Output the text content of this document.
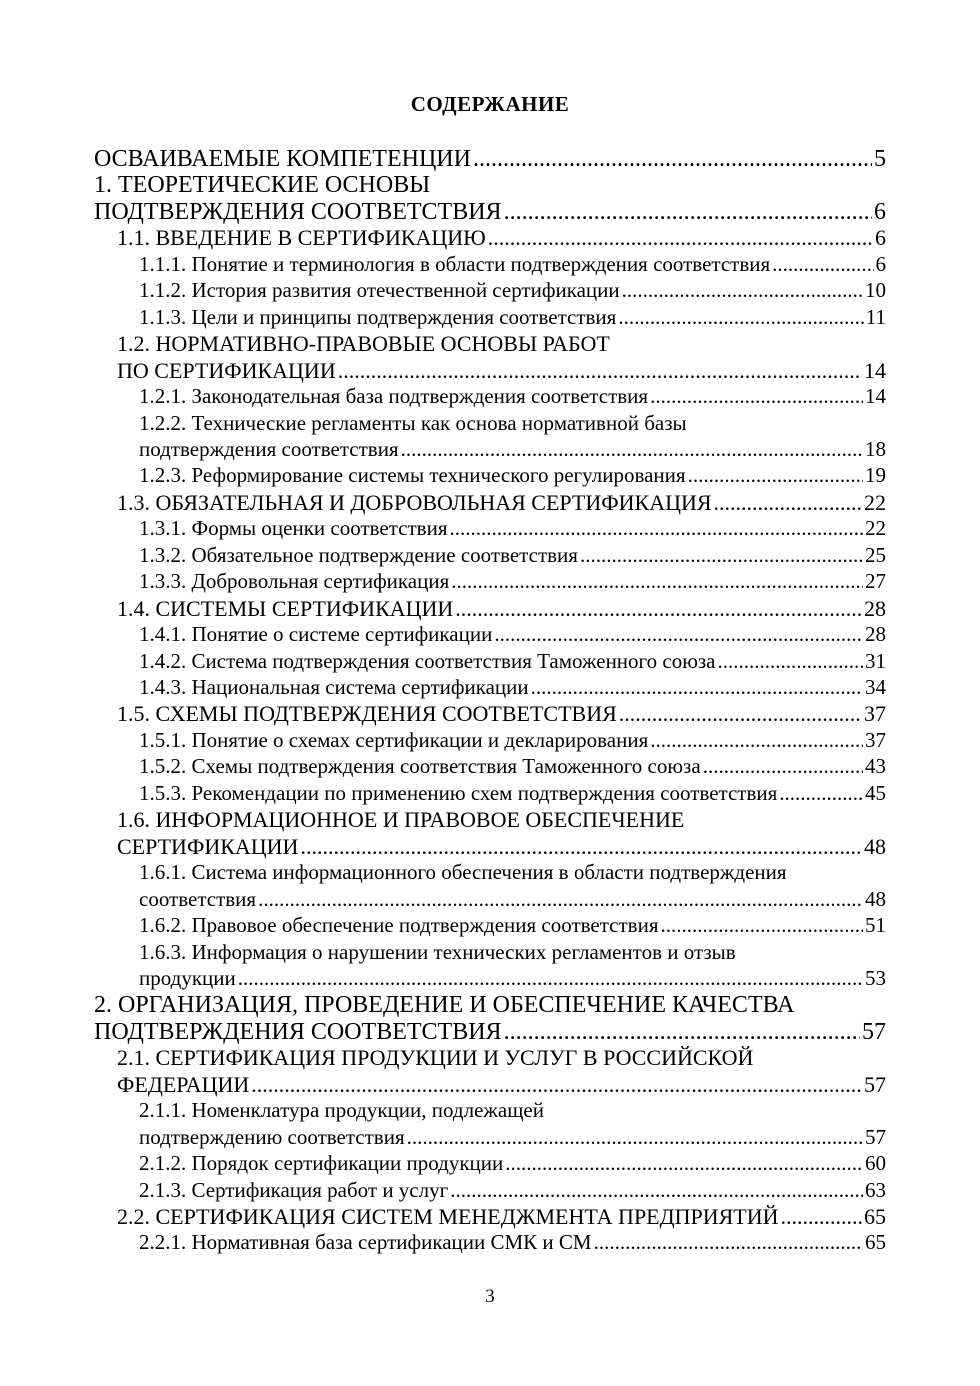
СОДЕРЖАНИЕ
ОСВАИВАЕМЫЕ КОМПЕТЕНЦИИ .....	5
1. ТЕОРЕТИЧЕСКИЕ ОСНОВЫ
ПОДТВЕРЖДЕНИЯ СООТВЕТСТВИЯ .....	6
1.1. ВВЕДЕНИЕ В СЕРТИФИКАЦИЮ .....	6
1.1.1. Понятие и терминология в области подтверждения соответствия .....	6
1.1.2. История развития отечественной сертификации .....	10
1.1.3. Цели и принципы подтверждения соответствия .....	11
1.2. НОРМАТИВНО-ПРАВОВЫЕ ОСНОВЫ РАБОТ
ПО СЕРТИФИКАЦИИ .....	14
1.2.1. Законодательная база подтверждения соответствия .....	14
1.2.2. Технические регламенты как основа нормативной базы
подтверждения соответствия .....	18
1.2.3. Реформирование системы технического регулирования .....	19
1.3. ОБЯЗАТЕЛЬНАЯ И ДОБРОВОЛЬНАЯ СЕРТИФИКАЦИЯ .....	22
1.3.1. Формы оценки соответствия .....	22
1.3.2. Обязательное подтверждение соответствия .....	25
1.3.3. Добровольная сертификация .....	27
1.4. СИСТЕМЫ СЕРТИФИКАЦИИ .....	28
1.4.1. Понятие о системе сертификации .....	28
1.4.2. Система подтверждения соответствия Таможенного союза .....	31
1.4.3. Национальная система сертификации .....	34
1.5. СХЕМЫ ПОДТВЕРЖДЕНИЯ СООТВЕТСТВИЯ .....	37
1.5.1. Понятие о схемах сертификации и декларирования .....	37
1.5.2. Схемы подтверждения соответствия Таможенного союза .....	43
1.5.3. Рекомендации по применению схем подтверждения соответствия .....	45
1.6. ИНФОРМАЦИОННОЕ И ПРАВОВОЕ ОБЕСПЕЧЕНИЕ
СЕРТИФИКАЦИИ .....	48
1.6.1. Система информационного обеспечения в области подтверждения
соответствия .....	48
1.6.2. Правовое обеспечение подтверждения соответствия .....	51
1.6.3. Информация о нарушении технических регламентов и отзыв
продукции .....	53
2. ОРГАНИЗАЦИЯ, ПРОВЕДЕНИЕ И ОБЕСПЕЧЕНИЕ КАЧЕСТВА
ПОДТВЕРЖДЕНИЯ СООТВЕТСТВИЯ .....	57
2.1. СЕРТИФИКАЦИЯ ПРОДУКЦИИ И УСЛУГ В РОССИЙСКОЙ
ФЕДЕРАЦИИ .....	57
2.1.1. Номенклатура продукции, подлежащей
подтверждению соответствия .....	57
2.1.2. Порядок сертификации продукции .....	60
2.1.3. Сертификация работ и услуг .....	63
2.2. СЕРТИФИКАЦИЯ СИСТЕМ МЕНЕДЖМЕНТА ПРЕДПРИЯТИЙ .....	65
2.2.1. Нормативная база сертификации СМК и СМ .....	65
3
